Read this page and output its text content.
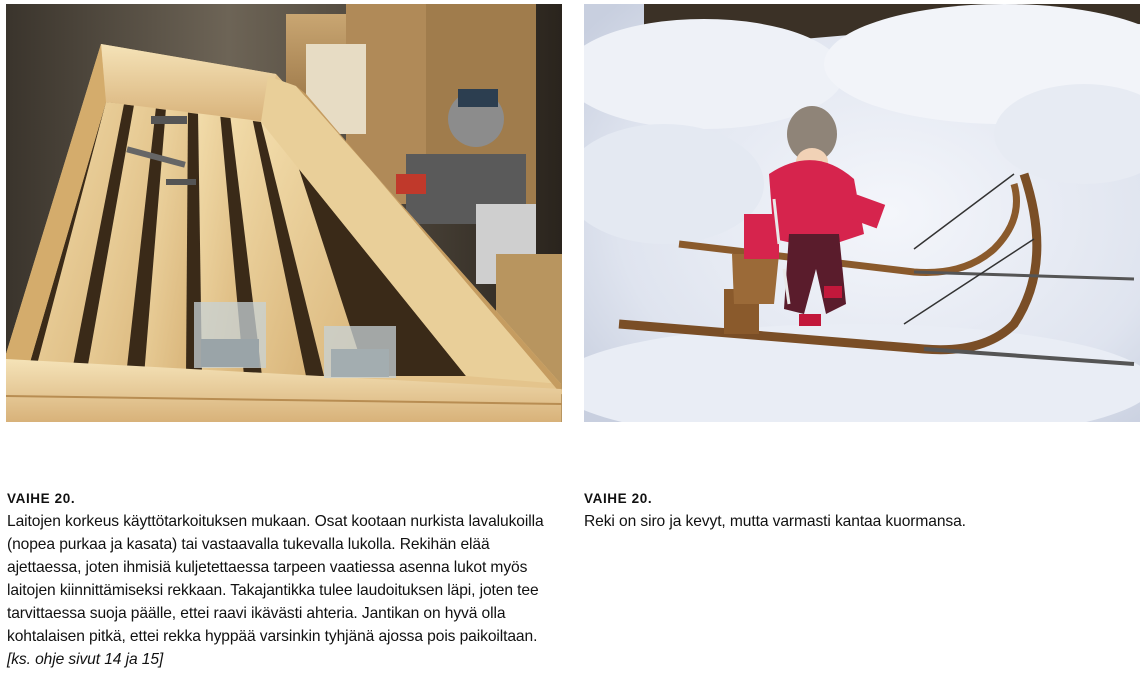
VAIHE 20.
Laitojen korkeus käyttötarkoituksen mukaan. Osat kootaan nurkista lavalukoilla (nopea purkaa ja kasata) tai vastaavalla tukevalla lukolla. Rekihän elää ajettaessa, joten ihmisiä kuljetettaessa tarpeen vaatiessa asenna lukot myös laitojen kiinnittämiseksi rekkaan. Takajantikka tulee laudoituksen läpi, joten tee tarvittaessa suoja päälle, ettei raavi ikävästi ahteria. Jantikan on hyvä olla kohtalaisen pitkä, ettei rekka hyppää varsinkin tyhjänä ajossa pois paikoiltaan. [ks. ohje sivut 14 ja 15]
VAIHE 20.
Reki on siro ja kevyt, mutta varmasti kantaa kuormansa.
